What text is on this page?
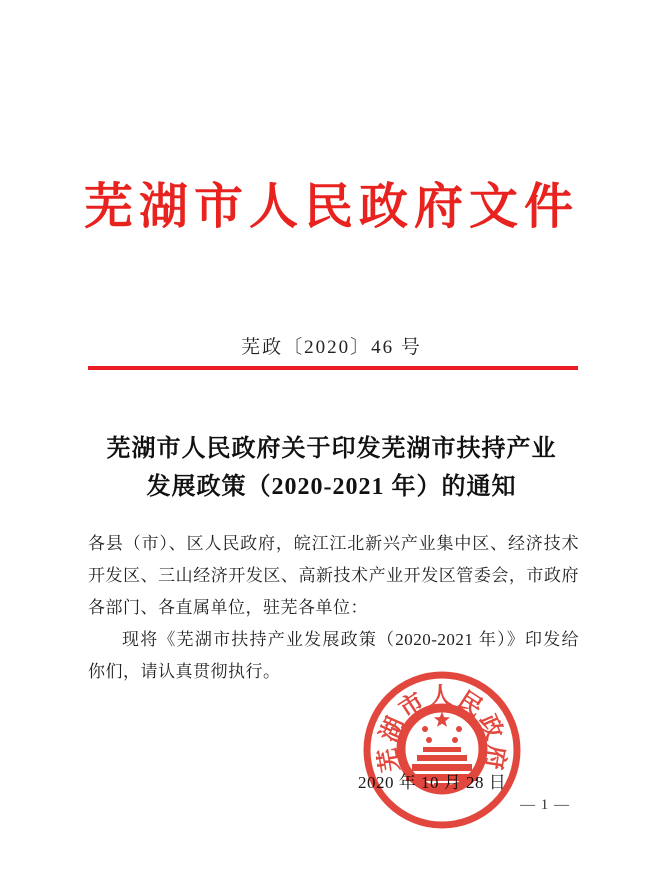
芜湖市人民政府文件
芜政〔2020〕46 号
芜湖市人民政府关于印发芜湖市扶持产业
发展政策（2020-2021 年）的通知

各县（市）、区人民政府，皖江江北新兴产业集中区、经济技术开发区、三山经济开发区、高新技术产业开发区管委会，市政府各部门、各直属单位，驻芜各单位：

现将《芜湖市扶持产业发展政策（2020-2021 年）》印发给你们，请认真贯彻执行。

芜湖市人民政府
2020 年 10 月 28 日
— 1 —
